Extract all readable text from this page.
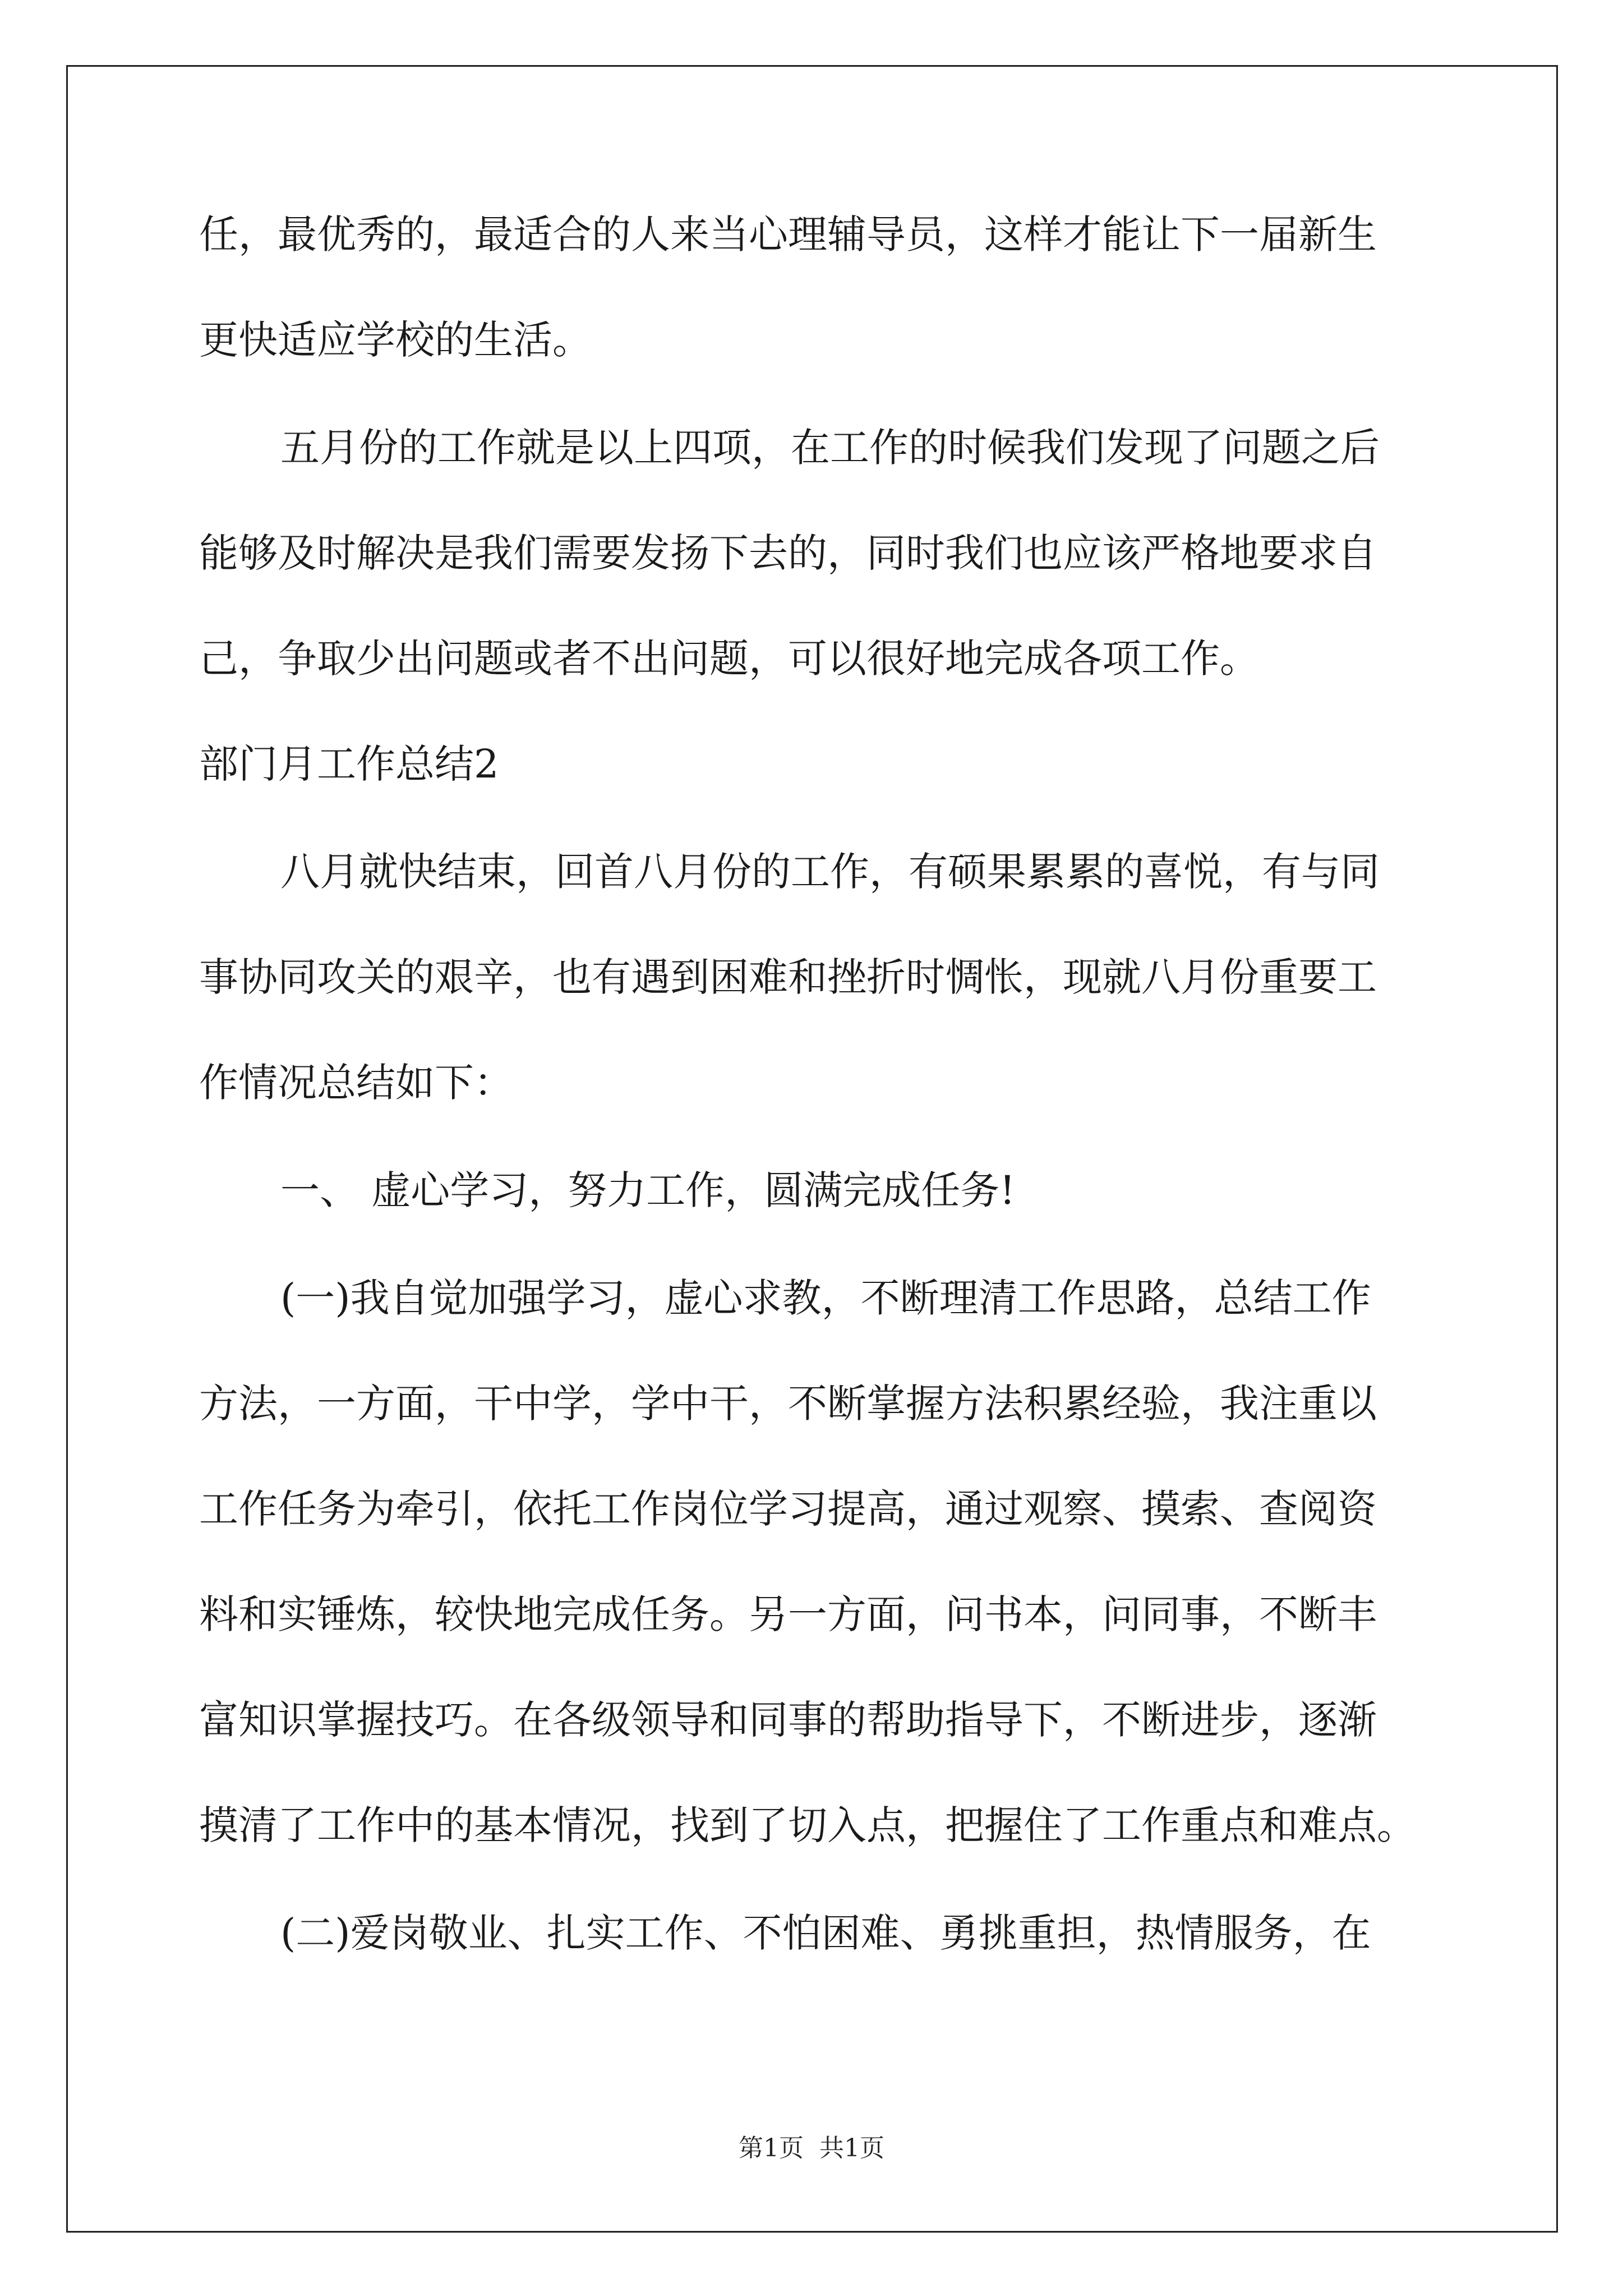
任，最优秀的，最适合的人来当心理辅导员，这样才能让下一届新生
更快适应学校的生活。
五月份的工作就是以上四项，在工作的时候我们发现了问题之后
能够及时解决是我们需要发扬下去的，同时我们也应该严格地要求自
己，争取少出问题或者不出问题，可以很好地完成各项工作。
部门月工作总结2
八月就快结束，回首八月份的工作，有硕果累累的喜悦，有与同
事协同攻关的艰辛，也有遇到困难和挫折时惆怅，现就八月份重要工
作情况总结如下：
一、 虚心学习，努力工作，圆满完成任务!
(一)我自觉加强学习，虚心求教，不断理清工作思路，总结工作
方法，一方面，干中学，学中干，不断掌握方法积累经验，我注重以
工作任务为牵引，依托工作岗位学习提高，通过观察、摸索、查阅资
料和实锤炼，较快地完成任务。另一方面，问书本，问同事，不断丰
富知识掌握技巧。在各级领导和同事的帮助指导下，不断进步，逐渐
摸清了工作中的基本情况，找到了切入点，把握住了工作重点和难点。
(二)爱岗敬业、扎实工作、不怕困难、勇挑重担，热情服务，在
第1页  共1页
